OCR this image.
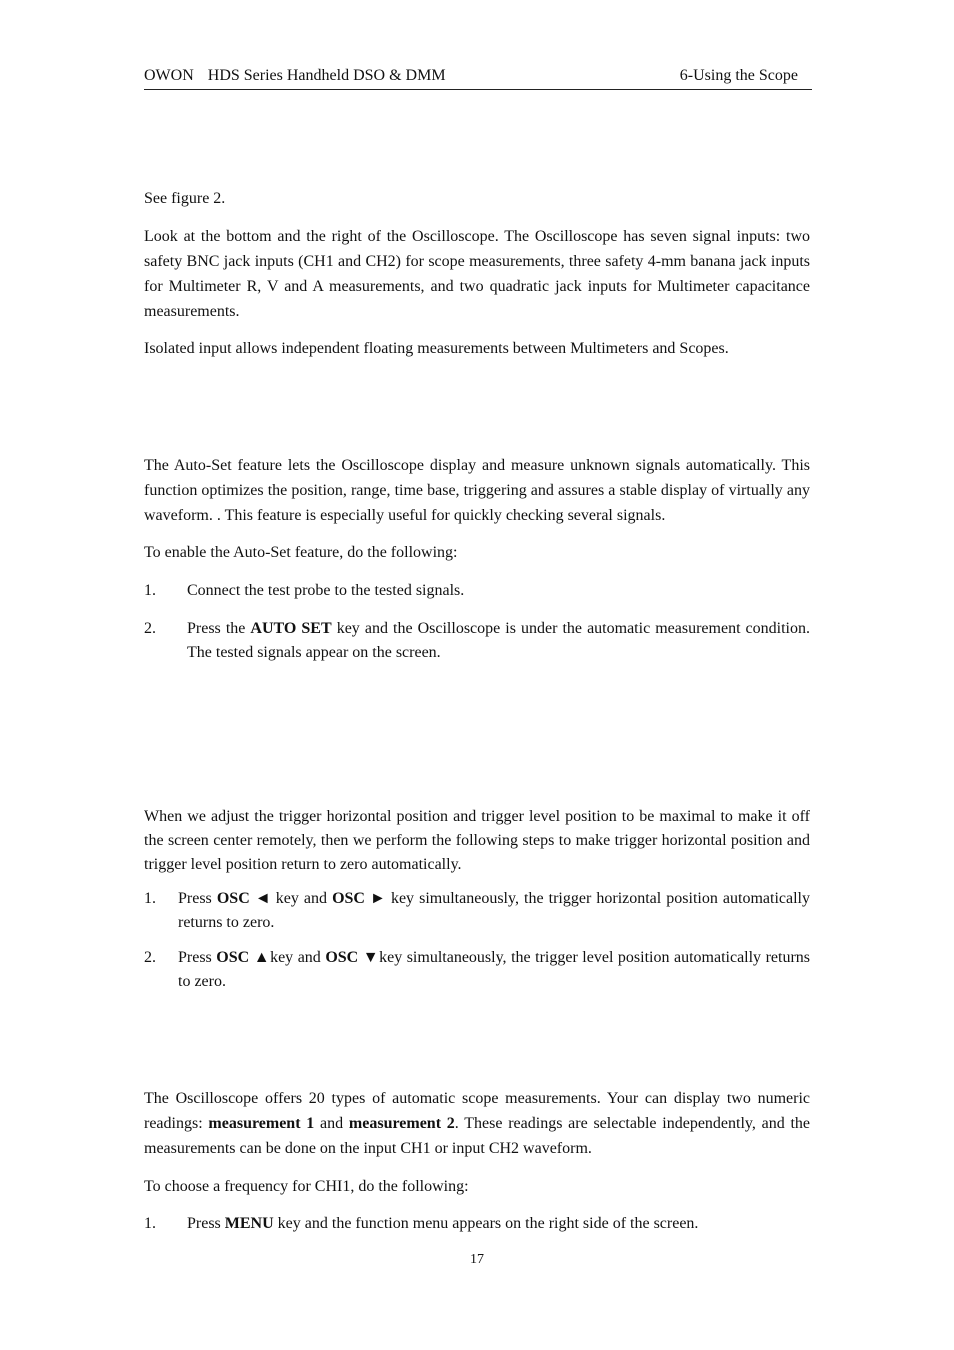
OWON HDS Series Handheld DSO & DMM	6-Using the Scope

See figure 2.

Look at the bottom and the right of the Oscilloscope. The Oscilloscope has seven signal inputs: two safety BNC jack inputs (CH1 and CH2) for scope measurements, three safety 4-mm banana jack inputs for Multimeter R, V and A measurements, and two quadratic jack inputs for Multimeter capacitance measurements.

Isolated input allows independent floating measurements between Multimeters and Scopes.

The Auto-Set feature lets the Oscilloscope display and measure unknown signals automatically. This function optimizes the position, range, time base, triggering and assures a stable display of virtually any waveform. . This feature is especially useful for quickly checking several signals.

To enable the Auto-Set feature, do the following:

1. Connect the test probe to the tested signals.
2. Press the AUTO SET key and the Oscilloscope is under the automatic measurement condition. The tested signals appear on the screen.

When we adjust the trigger horizontal position and trigger level position to be maximal to make it off the screen center remotely, then we perform the following steps to make trigger horizontal position and trigger level position return to zero automatically.

1. Press OSC ◄ key and OSC ► key simultaneously, the trigger horizontal position automatically returns to zero.
2. Press OSC ▲key and OSC ▼key simultaneously, the trigger level position automatically returns to zero.

The Oscilloscope offers 20 types of automatic scope measurements. Your can display two numeric readings: measurement 1 and measurement 2. These readings are selectable independently, and the measurements can be done on the input CH1 or input CH2 waveform.

To choose a frequency for CHI1, do the following:

1. Press MENU key and the function menu appears on the right side of the screen.
17
